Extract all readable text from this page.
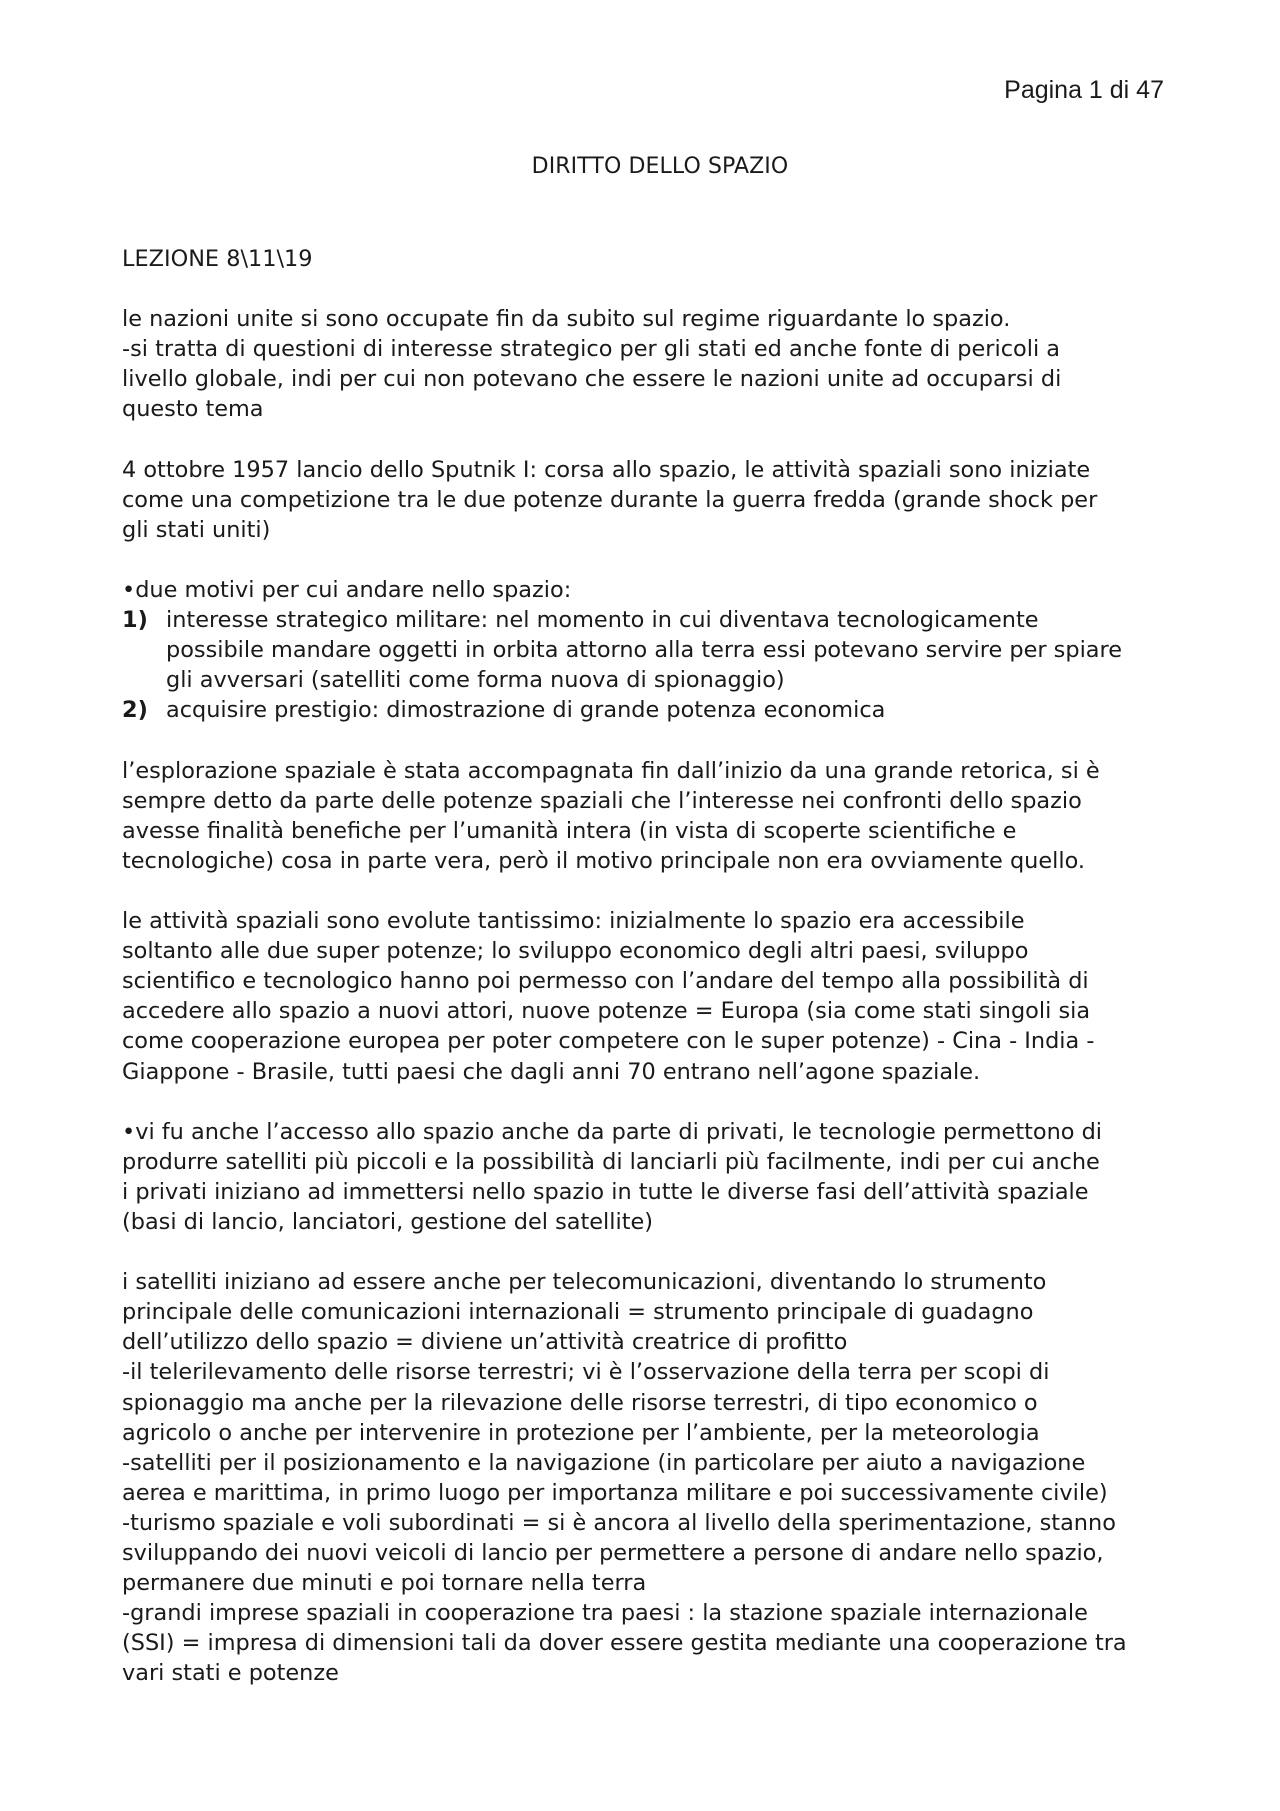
Pagina 1 di 47
DIRITTO DELLO SPAZIO
LEZIONE 8\11\19
le nazioni unite si sono occupate fin da subito sul regime riguardante lo spazio.
-si tratta di questioni di interesse strategico per gli stati ed anche fonte di pericoli a
livello globale, indi per cui non potevano che essere le nazioni unite ad occuparsi di
questo tema
4 ottobre 1957 lancio dello Sputnik I: corsa allo spazio, le attività spaziali sono iniziate
come una competizione tra le due potenze durante la guerra fredda (grande shock per
gli stati uniti)
•due motivi per cui andare nello spazio:
1) interesse strategico militare: nel momento in cui diventava tecnologicamente
possibile mandare oggetti in orbita attorno alla terra essi potevano servire per spiare
gli avversari (satelliti come forma nuova di spionaggio)
2) acquisire prestigio: dimostrazione di grande potenza economica
l’esplorazione spaziale è stata accompagnata fin dall’inizio da una grande retorica, si è
sempre detto da parte delle potenze spaziali che l’interesse nei confronti dello spazio
avesse finalità benefiche per l’umanità intera (in vista di scoperte scientifiche e
tecnologiche) cosa in parte vera, però il motivo principale non era ovviamente quello.
le attività spaziali sono evolute tantissimo: inizialmente lo spazio era accessibile
soltanto alle due super potenze; lo sviluppo economico degli altri paesi, sviluppo
scientifico e tecnologico hanno poi permesso con l’andare del tempo alla possibilità di
accedere allo spazio a nuovi attori, nuove potenze = Europa (sia come stati singoli sia
come cooperazione europea per poter competere con le super potenze) - Cina - India -
Giappone - Brasile, tutti paesi che dagli anni 70 entrano nell’agone spaziale.
•vi fu anche l’accesso allo spazio anche da parte di privati, le tecnologie permettono di
produrre satelliti più piccoli e la possibilità di lanciarli più facilmente, indi per cui anche
i privati iniziano ad immettersi nello spazio in tutte le diverse fasi dell’attività spaziale
(basi di lancio, lanciatori, gestione del satellite)
i satelliti iniziano ad essere anche per telecomunicazioni, diventando lo strumento
principale delle comunicazioni internazionali = strumento principale di guadagno
dell’utilizzo dello spazio = diviene un’attività creatrice di profitto
-il telerilevamento delle risorse terrestri; vi è l’osservazione della terra per scopi di
spionaggio ma anche per la rilevazione delle risorse terrestri, di tipo economico o
agricolo o anche per intervenire in protezione per l’ambiente, per la meteorologia
-satelliti per il posizionamento e la navigazione (in particolare per aiuto a navigazione
aerea e marittima, in primo luogo per importanza militare e poi successivamente civile)
-turismo spaziale e voli subordinati = si è ancora al livello della sperimentazione, stanno
sviluppando dei nuovi veicoli di lancio per permettere a persone di andare nello spazio,
permanere due minuti e poi tornare nella terra
-grandi imprese spaziali in cooperazione tra paesi : la stazione spaziale internazionale
(SSI) = impresa di dimensioni tali da dover essere gestita mediante una cooperazione tra
vari stati e potenze
